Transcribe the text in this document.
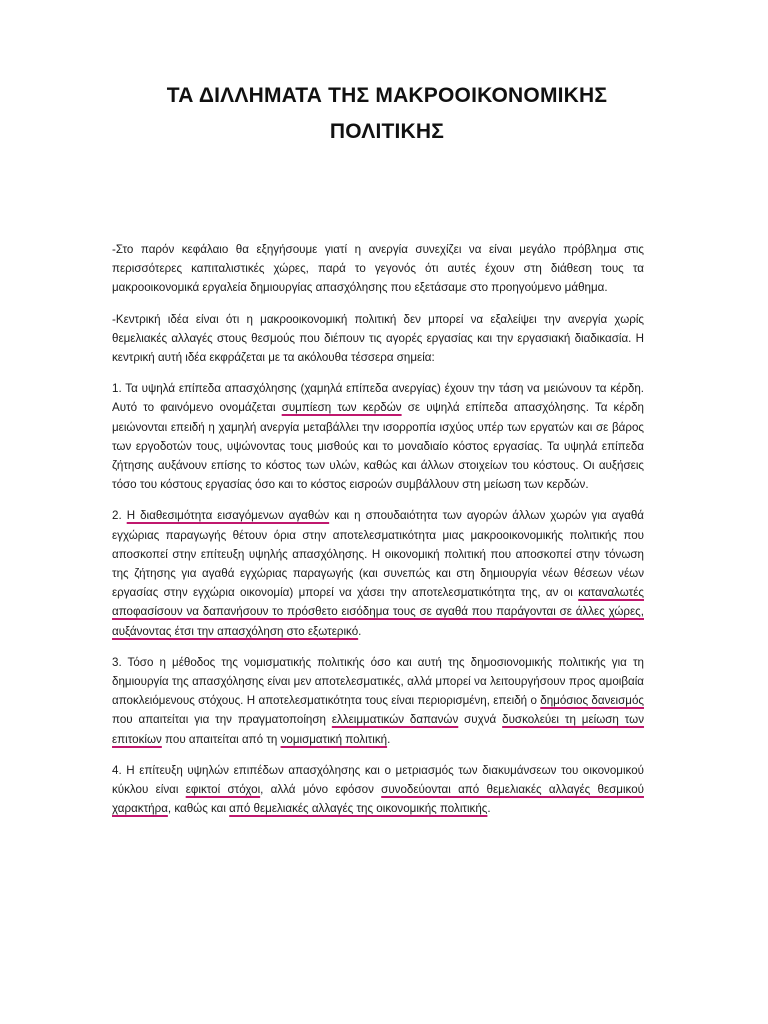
ΤΑ ΔΙΛΛΗΜΑΤΑ ΤΗΣ ΜΑΚΡΟΟΙΚΟΝΟΜΙΚΗΣ
ΠΟΛΙΤΙΚΗΣ

-Στο παρόν κεφάλαιο θα εξηγήσουμε γιατί η ανεργία συνεχίζει να είναι μεγάλο πρόβλημα στις περισσότερες καπιταλιστικές χώρες, παρά το γεγονός ότι αυτές έχουν στη διάθεση τους τα μακροοικονομικά εργαλεία δημιουργίας απασχόλησης που εξετάσαμε στο προηγούμενο μάθημα.

-Κεντρική ιδέα είναι ότι η μακροοικονομική πολιτική δεν μπορεί να εξαλείψει την ανεργία χωρίς θεμελιακές αλλαγές στους θεσμούς που διέπουν τις αγορές εργασίας και την εργασιακή διαδικασία. Η κεντρική αυτή ιδέα εκφράζεται με τα ακόλουθα τέσσερα σημεία:

1. Τα υψηλά επίπεδα απασχόλησης (χαμηλά επίπεδα ανεργίας) έχουν την τάση να μειώνουν τα κέρδη. Αυτό το φαινόμενο ονομάζεται συμπίεση των κερδών σε υψηλά επίπεδα απασχόλησης. Τα κέρδη μειώνονται επειδή η χαμηλή ανεργία μεταβάλλει την ισορροπία ισχύος υπέρ των εργατών και σε βάρος των εργοδοτών τους, υψώνοντας τους μισθούς και το μοναδιαίο κόστος εργασίας. Τα υψηλά επίπεδα ζήτησης αυξάνουν επίσης το κόστος των υλών, καθώς και άλλων στοιχείων του κόστους. Οι αυξήσεις τόσο του κόστους εργασίας όσο και το κόστος εισροών συμβάλλουν στη μείωση των κερδών.

2. Η διαθεσιμότητα εισαγόμενων αγαθών και η σπουδαιότητα των αγορών άλλων χωρών για αγαθά εγχώριας παραγωγής θέτουν όρια στην αποτελεσματικότητα μιας μακροοικονομικής πολιτικής που αποσκοπεί στην επίτευξη υψηλής απασχόλησης. Η οικονομική πολιτική που αποσκοπεί στην τόνωση της ζήτησης για αγαθά εγχώριας παραγωγής (και συνεπώς και στη δημιουργία νέων θέσεων νέων εργασίας στην εγχώρια οικονομία) μπορεί να χάσει την αποτελεσματικότητα της, αν οι καταναλωτές αποφασίσουν να δαπανήσουν το πρόσθετο εισόδημα τους σε αγαθά που παράγονται σε άλλες χώρες, αυξάνοντας έτσι την απασχόληση στο εξωτερικό.

3. Τόσο η μέθοδος της νομισματικής πολιτικής όσο και αυτή της δημοσιονομικής πολιτικής για τη δημιουργία της απασχόλησης είναι μεν αποτελεσματικές, αλλά μπορεί να λειτουργήσουν προς αμοιβαία αποκλειόμενους στόχους. Η αποτελεσματικότητα τους είναι περιορισμένη, επειδή ο δημόσιος δανεισμός που απαιτείται για την πραγματοποίηση ελλειμματικών δαπανών συχνά δυσκολεύει τη μείωση των επιτοκίων που απαιτείται από τη νομισματική πολιτική.

4. Η επίτευξη υψηλών επιπέδων απασχόλησης και ο μετριασμός των διακυμάνσεων του οικονομικού κύκλου είναι εφικτοί στόχοι, αλλά μόνο εφόσον συνοδεύονται από θεμελιακές αλλαγές θεσμικού χαρακτήρα, καθώς και από θεμελιακές αλλαγές της οικονομικής πολιτικής.
